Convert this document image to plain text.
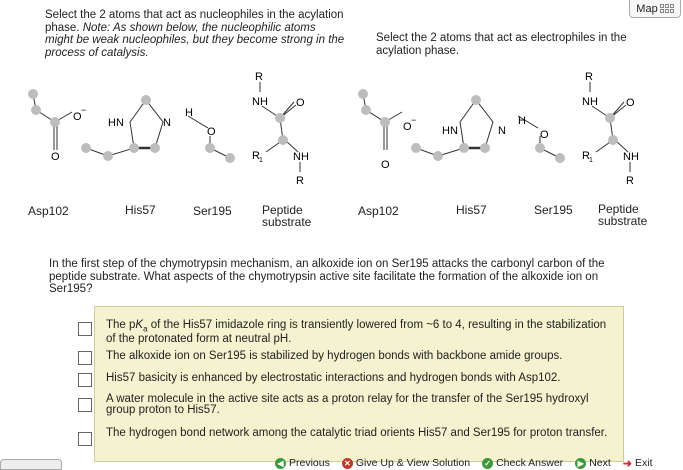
Select the 2 atoms that act as nucleophiles in the acylation phase. Note: As shown below, the nucleophilic atoms might be weak nucleophiles, but they become strong in the process of catalysis.
Select the 2 atoms that act as electrophiles in the acylation phase.
Map
O
−
O
HN	N
H
O
R
NH	O
R 1	NH
R
O
−
O
HN	N
H
O
R
NH	O
R 1	NH
R
Asp102	His57	Ser195	Peptide substrate
Asp102	His57	Ser195 Peptide substrate
In the first step of the chymotrypsin mechanism, an alkoxide ion on Ser195 attacks the carbonyl carbon of the peptide substrate. What aspects of the chymotrypsin active site facilitate the formation of the alkoxide ion on Ser195?
The $pK_a$ of the His57 imidazole ring is transiently lowered from ~6 to 4, resulting in the stabilization of the protonated form at neutral pH.
The alkoxide ion on Ser195 is stabilized by hydrogen bonds with backbone amide groups.
His57 basicity is enhanced by electrostatic interactions and hydrogen bonds with Asp102.
A water molecule in the active site acts as a proton relay for the transfer of the Ser195 hydroxyl group proton to His57.
The hydrogen bond network among the catalytic triad orients His57 and Ser195 for proton transfer.
◀ Previous ✕ Give Up & View Solution ✓ Check Answer	▶ Next ➜ Exit
